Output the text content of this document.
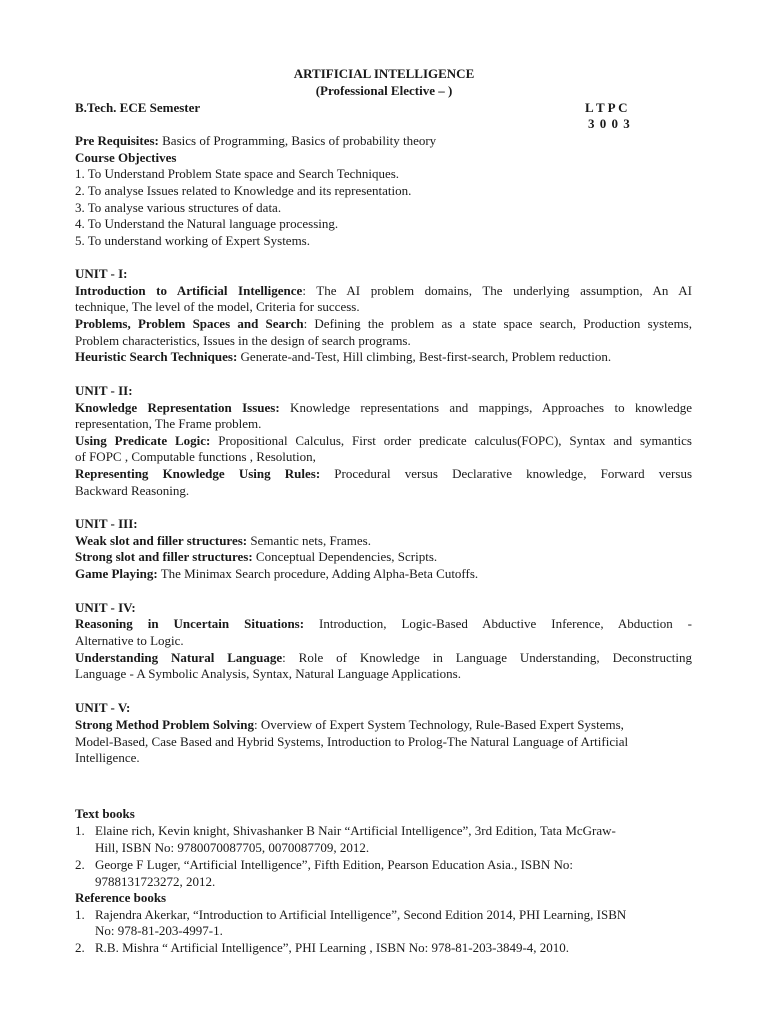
ARTIFICIAL INTELLIGENCE
(Professional Elective – )
B.Tech. ECE Semester	L T P C
3 0 0 3
Pre Requisites: Basics of Programming, Basics of probability theory
Course Objectives
1. To Understand Problem State space and Search Techniques.
2. To analyse Issues related to Knowledge and its representation.
3. To analyse various structures of data.
4. To Understand the Natural language processing.
5. To understand working of Expert Systems.
UNIT - I:
Introduction to Artificial Intelligence: The AI problem domains, The underlying assumption, An AI
technique, The level of the model, Criteria for success.
Problems, Problem Spaces and Search: Defining the problem as a state space search, Production systems,
Problem characteristics, Issues in the design of search programs.
Heuristic Search Techniques: Generate-and-Test, Hill climbing, Best-first-search, Problem reduction.
UNIT - II:
Knowledge Representation Issues: Knowledge representations and mappings, Approaches to knowledge
representation, The Frame problem.
Using Predicate Logic: Propositional Calculus, First order predicate calculus(FOPC), Syntax and symantics
of FOPC , Computable functions , Resolution,
Representing Knowledge Using Rules: Procedural versus Declarative knowledge, Forward versus
Backward Reasoning.
UNIT - III:
Weak slot and filler structures: Semantic nets, Frames.
Strong slot and filler structures: Conceptual Dependencies, Scripts.
Game Playing: The Minimax Search procedure, Adding Alpha-Beta Cutoffs.
UNIT - IV:
Reasoning in Uncertain Situations: Introduction, Logic-Based Abductive Inference, Abduction -
Alternative to Logic.
Understanding Natural Language: Role of Knowledge in Language Understanding, Deconstructing
Language - A Symbolic Analysis, Syntax, Natural Language Applications.
UNIT - V:
Strong Method Problem Solving: Overview of Expert System Technology, Rule-Based Expert Systems,
Model-Based, Case Based and Hybrid Systems, Introduction to Prolog-The Natural Language of Artificial
Intelligence.
Text books
1. Elaine rich, Kevin knight, Shivashanker B Nair “Artificial Intelligence”, 3rd Edition, Tata McGraw-
Hill, ISBN No: 9780070087705, 0070087709, 2012.
2. George F Luger, “Artificial Intelligence”, Fifth Edition, Pearson Education Asia., ISBN No:
9788131723272, 2012.
Reference books
1. Rajendra Akerkar, “Introduction to Artificial Intelligence”, Second Edition 2014, PHI Learning, ISBN
No: 978-81-203-4997-1.
2. R.B. Mishra “ Artificial Intelligence”, PHI Learning , ISBN No: 978-81-203-3849-4, 2010.
